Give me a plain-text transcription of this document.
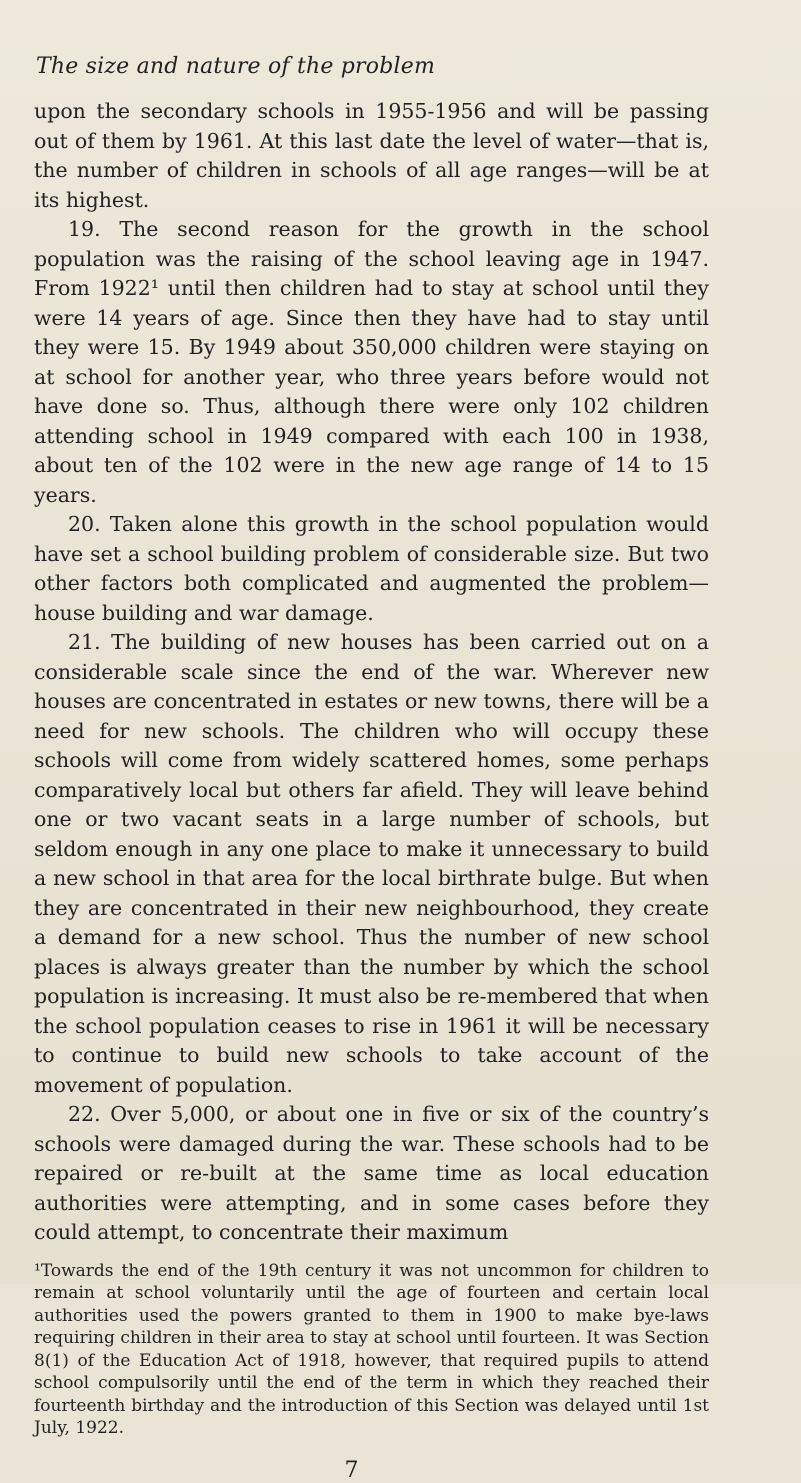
The size and nature of the problem

upon the secondary schools in 1955-1956 and will be passing out of them by 1961. At this last date the level of water—that is, the number of children in schools of all age ranges—will be at its highest.

19. The second reason for the growth in the school population was the raising of the school leaving age in 1947. From 1922¹ until then children had to stay at school until they were 14 years of age. Since then they have had to stay until they were 15. By 1949 about 350,000 children were staying on at school for another year, who three years before would not have done so. Thus, although there were only 102 children attending school in 1949 compared with each 100 in 1938, about ten of the 102 were in the new age range of 14 to 15 years.

20. Taken alone this growth in the school population would have set a school building problem of considerable size. But two other factors both complicated and augmented the problem—house building and war damage.

21. The building of new houses has been carried out on a considerable scale since the end of the war. Wherever new houses are concentrated in estates or new towns, there will be a need for new schools. The children who will occupy these schools will come from widely scattered homes, some perhaps comparatively local but others far afield. They will leave behind one or two vacant seats in a large number of schools, but seldom enough in any one place to make it unnecessary to build a new school in that area for the local birthrate bulge. But when they are concentrated in their new neighbourhood, they create a demand for a new school. Thus the number of new school places is always greater than the number by which the school population is increasing. It must also be re-membered that when the school population ceases to rise in 1961 it will be necessary to continue to build new schools to take account of the movement of population.

22. Over 5,000, or about one in five or six of the country’s schools were damaged during the war. These schools had to be repaired or re-built at the same time as local education authorities were attempting, and in some cases before they could attempt, to concentrate their maximum

¹Towards the end of the 19th century it was not uncommon for children to remain at school voluntarily until the age of fourteen and certain local authorities used the powers granted to them in 1900 to make bye-laws requiring children in their area to stay at school until fourteen. It was Section 8(1) of the Education Act of 1918, however, that required pupils to attend school compulsorily until the end of the term in which they reached their fourteenth birthday and the introduction of this Section was delayed until 1st July, 1922.
7
